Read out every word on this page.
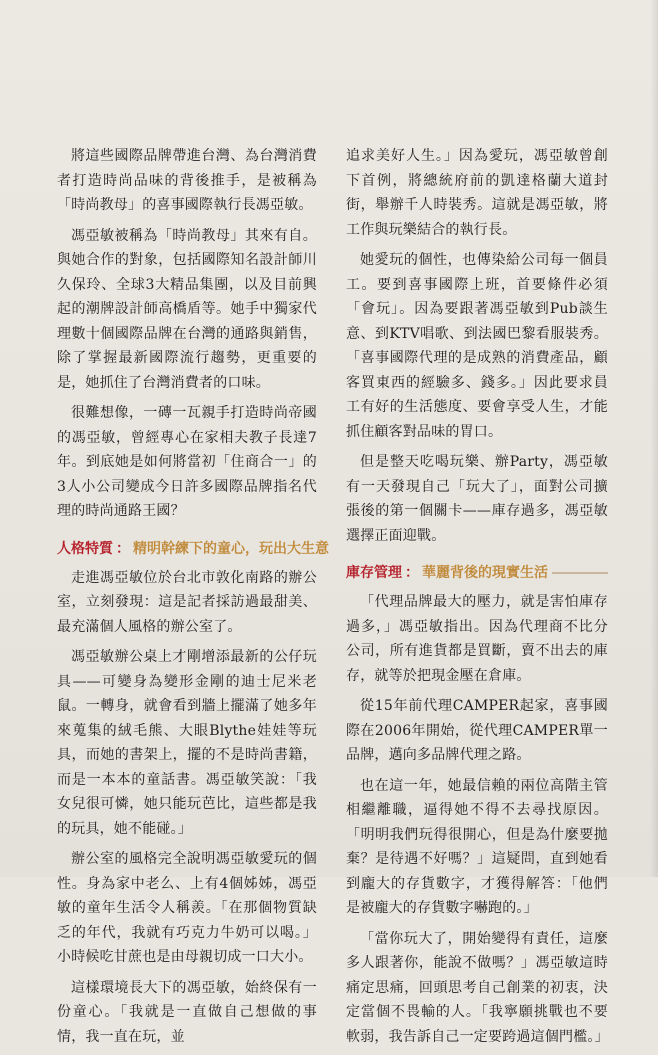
將這些國際品牌帶進台灣、為台灣消費者打造時尚品味的背後推手，是被稱為「時尚教母」的喜事國際執行長馮亞敏。

馮亞敏被稱為「時尚教母」其來有自。與她合作的對象，包括國際知名設計師川久保玲、全球3大精品集團，以及目前興起的潮牌設計師高橋盾等。她手中獨家代理數十個國際品牌在台灣的通路與銷售，除了掌握最新國際流行趨勢，更重要的是，她抓住了台灣消費者的口味。

很難想像，一磚一瓦親手打造時尚帝國的馮亞敏，曾經專心在家相夫教子長達7年。到底她是如何將當初「住商合一」的3人小公司變成今日許多國際品牌指名代理的時尚通路王國？

人格特質 ： 精明幹練下的童心，玩出大生意

走進馮亞敏位於台北市敦化南路的辦公室，立刻發現：這是記者採訪過最甜美、最充滿個人風格的辦公室了。

馮亞敏辦公桌上才剛增添最新的公仔玩具——可變身為變形金剛的迪士尼米老鼠。一轉身，就會看到牆上擺滿了她多年來蒐集的絨毛熊、大眼Blythe娃娃等玩具，而她的書架上，擺的不是時尚書籍，而是一本本的童話書。馮亞敏笑說：「我女兒很可憐，她只能玩芭比，這些都是我的玩具，她不能碰。」

辦公室的風格完全說明馮亞敏愛玩的個性。身為家中老么、上有4個姊姊，馮亞敏的童年生活令人稱羨。「在那個物質缺乏的年代，我就有巧克力牛奶可以喝。」小時候吃甘蔗也是由母親切成一口大小。

這樣環境長大下的馮亞敏，始終保有一份童心。「我就是一直做自己想做的事情，我一直在玩，並

追求美好人生。」因為愛玩，馮亞敏曾創下首例，將總統府前的凱達格蘭大道封街，舉辦千人時裝秀。這就是馮亞敏，將工作與玩樂結合的執行長。

她愛玩的個性，也傳染給公司每一個員工。要到喜事國際上班，首要條件必須「會玩」。因為要跟著馮亞敏到Pub談生意、到KTV唱歌、到法國巴黎看服裝秀。「喜事國際代理的是成熟的消費產品，顧客買東西的經驗多、錢多。」因此要求員工有好的生活態度、要會享受人生，才能抓住顧客對品味的胃口。

但是整天吃喝玩樂、辦Party，馮亞敏有一天發現自己「玩大了」，面對公司擴張後的第一個關卡——庫存過多，馮亞敏選擇正面迎戰。

庫存管理 ： 華麗背後的現實生活

「代理品牌最大的壓力，就是害怕庫存過多，」馮亞敏指出。因為代理商不比分公司，所有進貨都是買斷，賣不出去的庫存，就等於把現金壓在倉庫。

從15年前代理CAMPER起家，喜事國際在2006年開始，從代理CAMPER單一品牌，邁向多品牌代理之路。

也在這一年，她最信賴的兩位高階主管相繼離職，逼得她不得不去尋找原因。「明明我們玩得很開心，但是為什麼要拋棄？是待遇不好嗎？」這疑問，直到她看到龐大的存貨數字，才獲得解答：「他們是被龐大的存貨數字嚇跑的。」

「當你玩大了，開始變得有責任，這麼多人跟著你，能說不做嗎？」馮亞敏這時痛定思痛，回頭思考自己創業的初衷，決定當個不畏輸的人。「我寧願挑戰也不要軟弱，我告訴自己一定要跨過這個門檻。」
